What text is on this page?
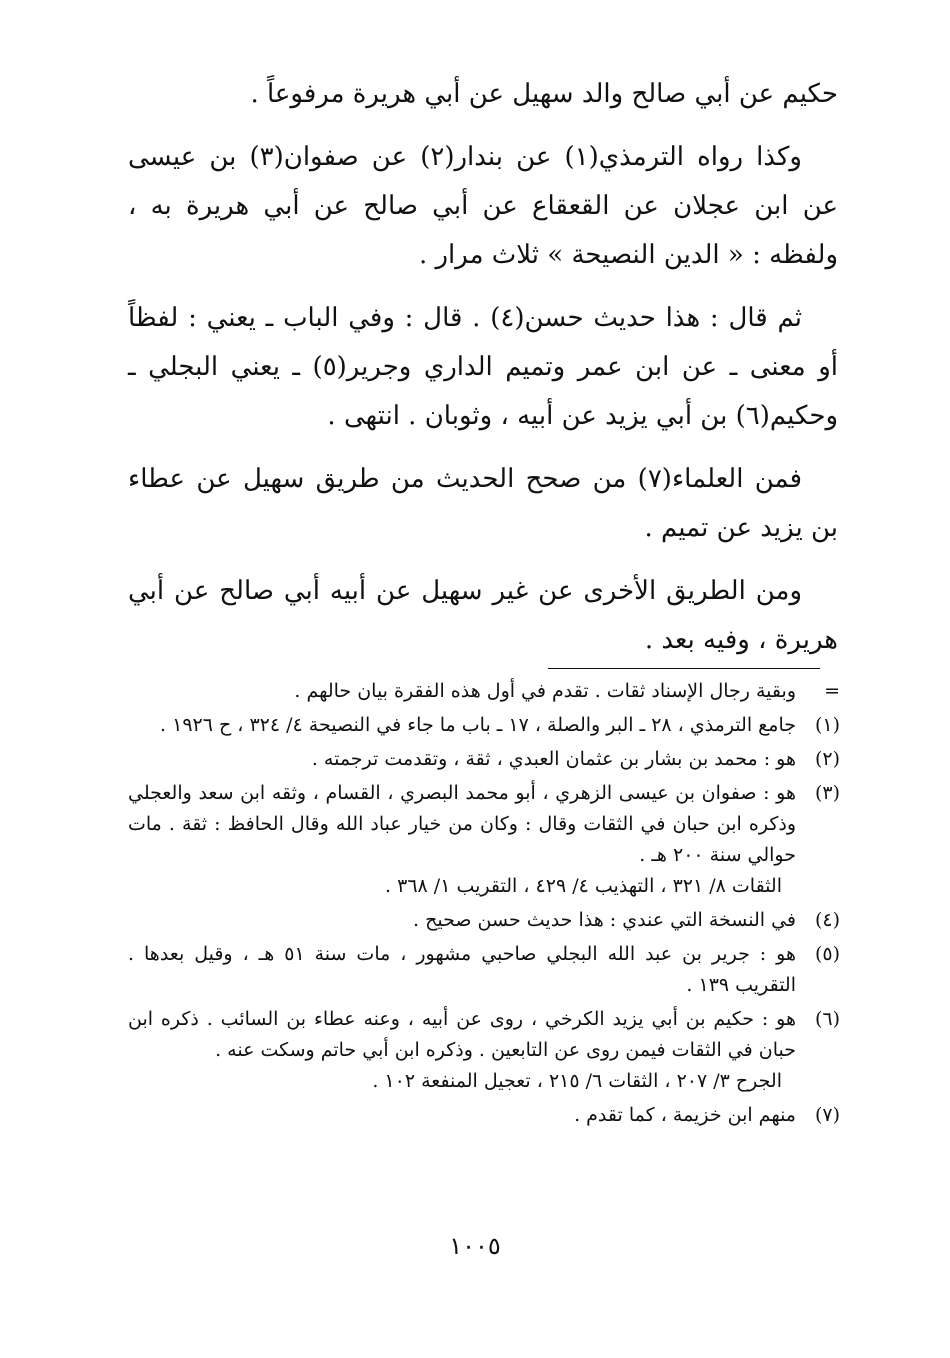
حكيم عن أبي صالح والد سهيل عن أبي هريرة مرفوعاً .

وكذا رواه الترمذي(١) عن بندار(٢) عن صفوان(٣) بن عيسى عن ابن عجلان عن القعقاع عن أبي صالح عن أبي هريرة به ، ولفظه : « الدين النصيحة » ثلاث مرار .

ثم قال : هذا حديث حسن(٤) . قال : وفي الباب ـ يعني : لفظاً أو معنى ـ عن ابن عمر وتميم الداري وجرير(٥) ـ يعني البجلي ـ وحكيم(٦) بن أبي يزيد عن أبيه ، وثوبان . انتهى .

فمن العلماء(٧) من صحح الحديث من طريق سهيل عن عطاء بن يزيد عن تميم .

ومن الطريق الأخرى عن غير سهيل عن أبيه أبي صالح عن أبي هريرة ، وفيه بعد .

=
وبقية رجال الإسناد ثقات . تقدم في أول هذه الفقرة بيان حالهم .
(١)
جامع الترمذي ، ٢٨ ـ البر والصلة ، ١٧ ـ باب ما جاء في النصيحة ٤/ ٣٢٤ ، ح ١٩٢٦ .
(٢)
هو : محمد بن بشار بن عثمان العبدي ، ثقة ، وتقدمت ترجمته .
(٣)
هو : صفوان بن عيسى الزهري ، أبو محمد البصري ، القسام ، وثقه ابن سعد والعجلي وذكره ابن حبان في الثقات وقال : وكان من خيار عباد الله وقال الحافظ : ثقة . مات حوالي سنة ٢٠٠ هـ .
الثقات ٨/ ٣٢١ ، التهذيب ٤/ ٤٢٩ ، التقريب ١/ ٣٦٨ .
(٤)
في النسخة التي عندي : هذا حديث حسن صحيح .
(٥)
هو : جرير بن عبد الله البجلي صاحبي مشهور ، مات سنة ٥١ هـ ، وقيل بعدها . التقريب ١٣٩ .
(٦)
هو : حكيم بن أبي يزيد الكرخي ، روى عن أبيه ، وعنه عطاء بن السائب . ذكره ابن حبان في الثقات فيمن روى عن التابعين . وذكره ابن أبي حاتم وسكت عنه .
الجرح ٣/ ٢٠٧ ، الثقات ٦/ ٢١٥ ، تعجيل المنفعة ١٠٢ .
(٧)
منهم ابن خزيمة ، كما تقدم .
١٠٠٥
